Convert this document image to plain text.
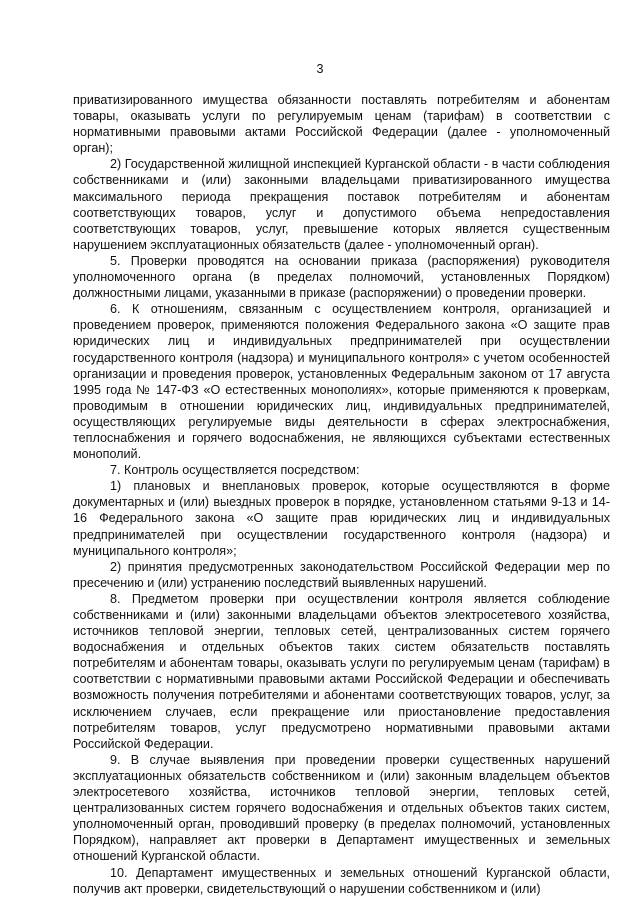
3

приватизированного имущества обязанности поставлять потребителям и абонентам товары, оказывать услуги по регулируемым ценам (тарифам) в соответствии с нормативными правовыми актами Российской Федерации (далее - уполномоченный орган);

2) Государственной жилищной инспекцией Курганской области - в части соблюдения собственниками и (или) законными владельцами приватизированного имущества максимального периода прекращения поставок потребителям и абонентам соответствующих товаров, услуг и допустимого объема непредоставления соответствующих товаров, услуг, превышение которых является существенным нарушением эксплуатационных обязательств (далее - уполномоченный орган).

5. Проверки проводятся на основании приказа (распоряжения) руководителя уполномоченного органа (в пределах полномочий, установленных Порядком) должностными лицами, указанными в приказе (распоряжении) о проведении проверки.

6. К отношениям, связанным с осуществлением контроля, организацией и проведением проверок, применяются положения Федерального закона «О защите прав юридических лиц и индивидуальных предпринимателей при осуществлении государственного контроля (надзора) и муниципального контроля» с учетом особенностей организации и проведения проверок, установленных Федеральным законом от 17 августа 1995 года № 147-ФЗ «О естественных монополиях», которые применяются к проверкам, проводимым в отношении юридических лиц, индивидуальных предпринимателей, осуществляющих регулируемые виды деятельности в сферах электроснабжения, теплоснабжения и горячего водоснабжения, не являющихся субъектами естественных монополий.

7. Контроль осуществляется посредством:

1) плановых и внеплановых проверок, которые осуществляются в форме документарных и (или) выездных проверок в порядке, установленном статьями 9-13 и 14-16 Федерального закона «О защите прав юридических лиц и индивидуальных предпринимателей при осуществлении государственного контроля (надзора) и муниципального контроля»;

2) принятия предусмотренных законодательством Российской Федерации мер по пресечению и (или) устранению последствий выявленных нарушений.

8. Предметом проверки при осуществлении контроля является соблюдение собственниками и (или) законными владельцами объектов электросетевого хозяйства, источников тепловой энергии, тепловых сетей, централизованных систем горячего водоснабжения и отдельных объектов таких систем обязательств поставлять потребителям и абонентам товары, оказывать услуги по регулируемым ценам (тарифам) в соответствии с нормативными правовыми актами Российской Федерации и обеспечивать возможность получения потребителями и абонентами соответствующих товаров, услуг, за исключением случаев, если прекращение или приостановление предоставления потребителям товаров, услуг предусмотрено нормативными правовыми актами Российской Федерации.

9. В случае выявления при проведении проверки существенных нарушений эксплуатационных обязательств собственником и (или) законным владельцем объектов электросетевого хозяйства, источников тепловой энергии, тепловых сетей, централизованных систем горячего водоснабжения и отдельных объектов таких систем, уполномоченный орган, проводивший проверку (в пределах полномочий, установленных Порядком), направляет акт проверки в Департамент имущественных и земельных отношений Курганской области.

10. Департамент имущественных и земельных отношений Курганской области, получив акт проверки, свидетельствующий о нарушении собственником и (или)
